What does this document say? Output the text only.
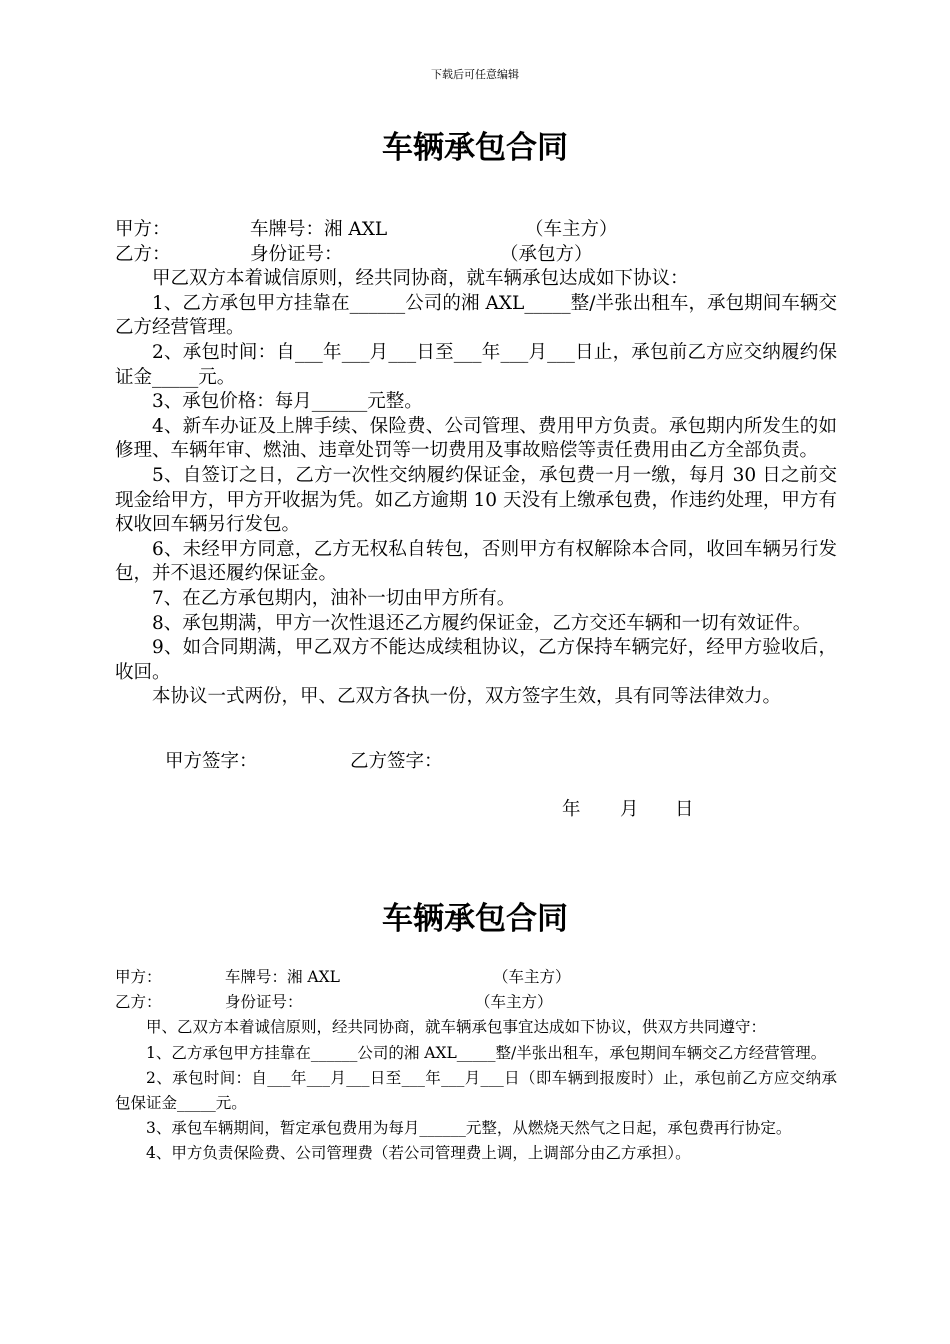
下载后可任意编辑
车辆承包合同
甲方：	车牌号：湘 AXL	（车主方）
乙方：	身份证号：	（承包方）

甲乙双方本着诚信原则，经共同协商，就车辆承包达成如下协议：

1、乙方承包甲方挂靠在______公司的湘 AXL_____整/半张出租车，承包期间车辆交乙方经营管理。

2、承包时间：自___年___月___日至___年___月___日止，承包前乙方应交纳履约保证金_____元。

3、承包价格：每月______元整。

4、新车办证及上牌手续、保险费、公司管理、费用甲方负责。承包期内所发生的如修理、车辆年审、燃油、违章处罚等一切费用及事故赔偿等责任费用由乙方全部负责。

5、自签订之日，乙方一次性交纳履约保证金，承包费一月一缴，每月 30 日之前交现金给甲方，甲方开收据为凭。如乙方逾期 10 天没有上缴承包费，作违约处理，甲方有权收回车辆另行发包。

6、未经甲方同意，乙方无权私自转包，否则甲方有权解除本合同，收回车辆另行发包，并不退还履约保证金。

7、在乙方承包期内，油补一切由甲方所有。

8、承包期满，甲方一次性退还乙方履约保证金，乙方交还车辆和一切有效证件。

9、如合同期满，甲乙双方不能达成续租协议，乙方保持车辆完好，经甲方验收后，收回。

本协议一式两份，甲、乙双方各执一份，双方签字生效，具有同等法律效力。

甲方签字：	乙方签字：
年 月 日
车辆承包合同
甲方：	车牌号：湘 AXL	（车主方）
乙方：	身份证号：	（车主方）

甲、乙双方本着诚信原则，经共同协商，就车辆承包事宜达成如下协议，供双方共同遵守：

1、乙方承包甲方挂靠在______公司的湘 AXL_____整/半张出租车，承包期间车辆交乙方经营管理。

2、承包时间：自___年___月___日至___年___月___日（即车辆到报废时）止，承包前乙方应交纳承包保证金_____元。

3、承包车辆期间，暂定承包费用为每月______元整，从燃烧天然气之日起，承包费再行协定。

4、甲方负责保险费、公司管理费（若公司管理费上调，上调部分由乙方承担）。
